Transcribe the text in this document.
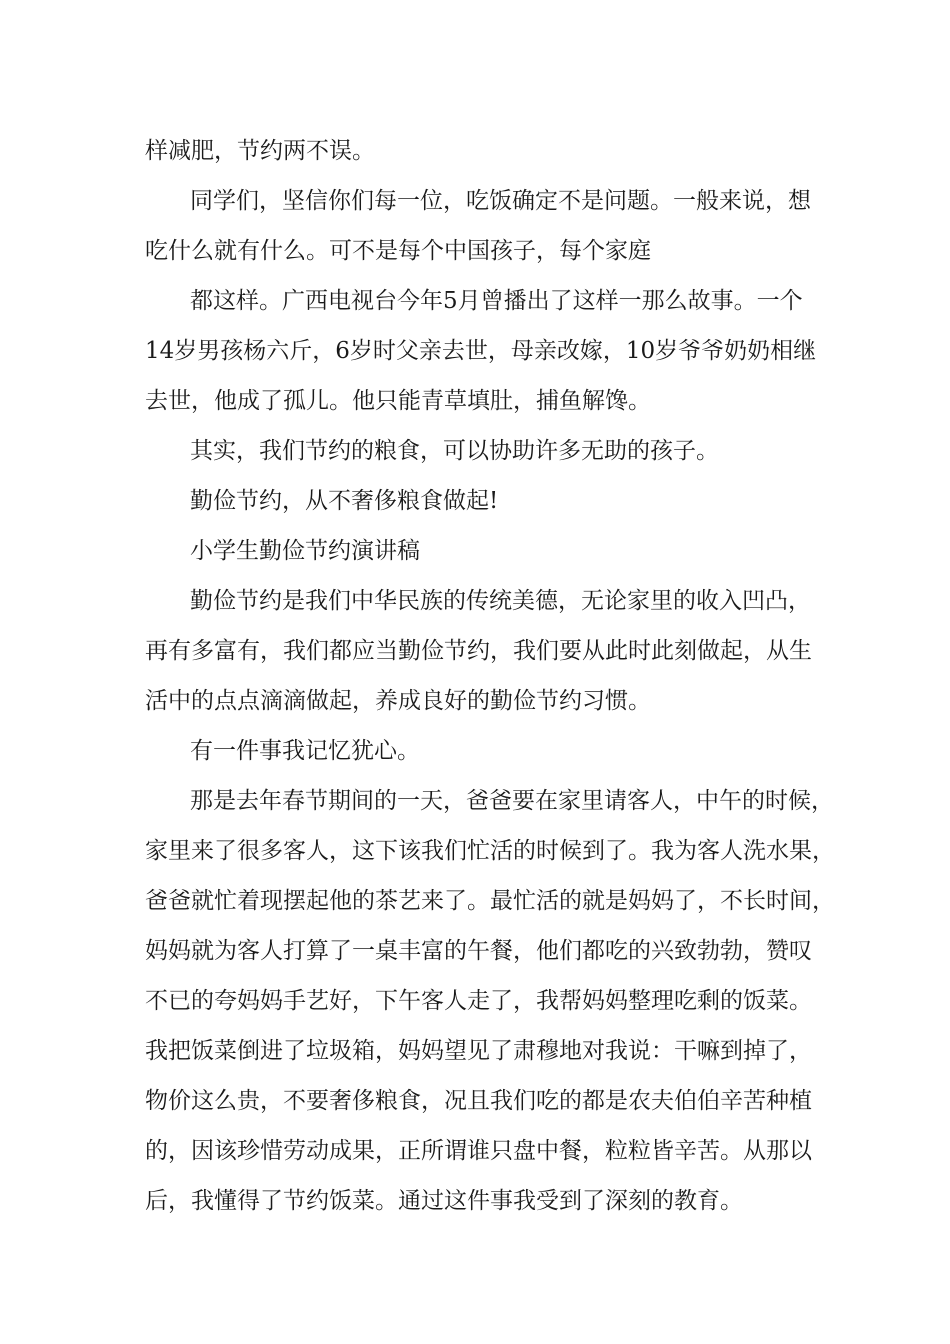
样减肥，节约两不误。
同学们，坚信你们每一位，吃饭确定不是问题。一般来说，想
吃什么就有什么。可不是每个中国孩子，每个家庭
都这样。广西电视台今年5月曾播出了这样一那么故事。一个
14岁男孩杨六斤，6岁时父亲去世，母亲改嫁，10岁爷爷奶奶相继
去世，他成了孤儿。他只能青草填肚，捕鱼解馋。
其实，我们节约的粮食，可以协助许多无助的孩子。
勤俭节约，从不奢侈粮食做起!
小学生勤俭节约演讲稿
勤俭节约是我们中华民族的传统美德，无论家里的收入凹凸，
再有多富有，我们都应当勤俭节约，我们要从此时此刻做起，从生
活中的点点滴滴做起，养成良好的勤俭节约习惯。
有一件事我记忆犹心。
那是去年春节期间的一天，爸爸要在家里请客人，中午的时候，
家里来了很多客人，这下该我们忙活的时候到了。我为客人洗水果，
爸爸就忙着现摆起他的茶艺来了。最忙活的就是妈妈了，不长时间，
妈妈就为客人打算了一桌丰富的午餐，他们都吃的兴致勃勃，赞叹
不已的夸妈妈手艺好，下午客人走了，我帮妈妈整理吃剩的饭菜。
我把饭菜倒进了垃圾箱，妈妈望见了肃穆地对我说：干嘛到掉了，
物价这么贵，不要奢侈粮食，况且我们吃的都是农夫伯伯辛苦种植
的，因该珍惜劳动成果，正所谓谁只盘中餐，粒粒皆辛苦。从那以
后，我懂得了节约饭菜。通过这件事我受到了深刻的教育。
